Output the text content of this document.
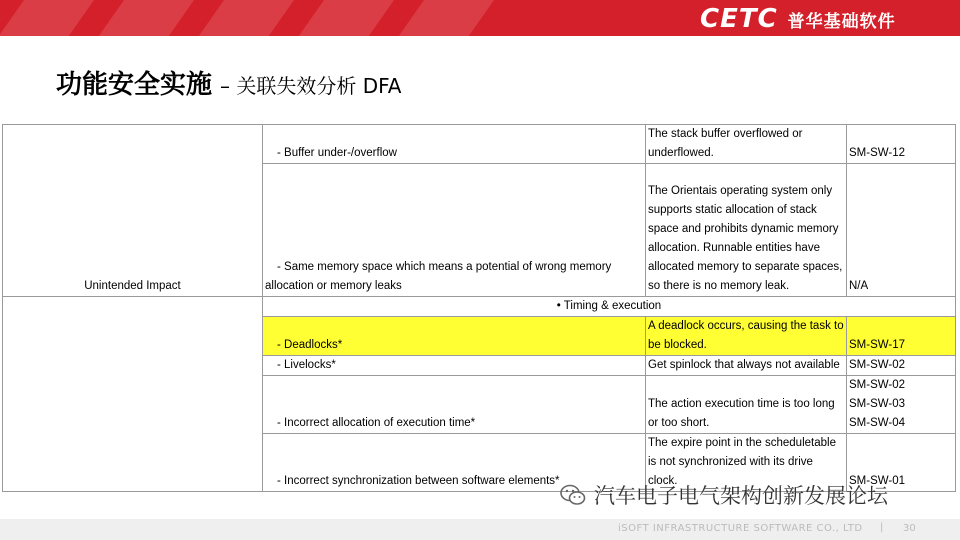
CETC 普华基础软件
功能安全实施 – 关联失效分析 DFA
Unintended Impact	- Buffer under-/overflow	The stack buffer overflowed or underflowed.	SM-SW-12
	- Same memory space which means a potential of wrong memory allocation or memory leaks	The Orientais operating system only supports static allocation of stack space and prohibits dynamic memory allocation. Runnable entities have allocated memory to separate spaces, so there is no memory leak.	N/A
	• Timing & execution		
	- Deadlocks*	A deadlock occurs, causing the task to be blocked.	SM-SW-17
	- Livelocks*	Get spinlock that always not available	SM-SW-02
	- Incorrect allocation of execution time*	The action execution time is too long or too short.	SM-SW-02
SM-SW-03
SM-SW-04
	- Incorrect synchronization between software elements*	The expire point in the scheduletable is not synchronized with its drive clock.	SM-SW-01
汽车电子电气架构创新发展论坛
iSOFT INFRASTRUCTURE SOFTWARE CO., LTD | 30
